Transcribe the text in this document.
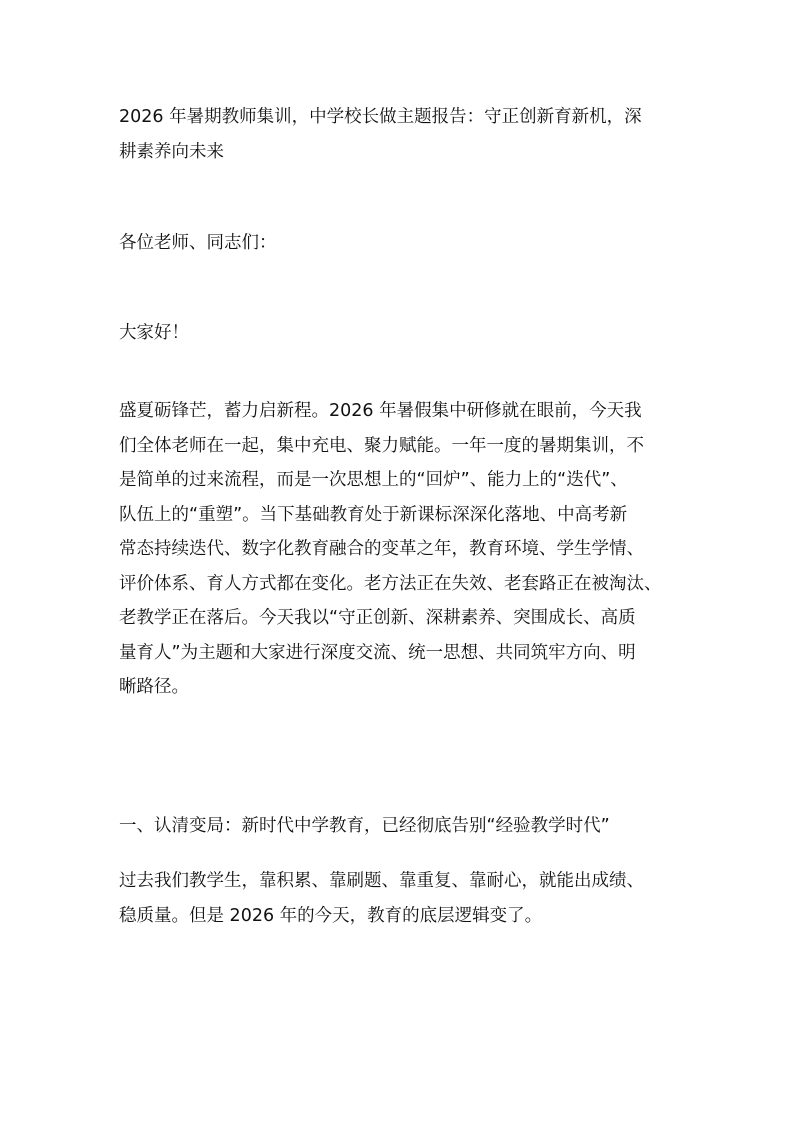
2026 年暑期教师集训，中学校长做主题报告：守正创新育新机，深
耕素养向未来

各位老师、同志们：

大家好！

盛夏砺锋芒，蓄力启新程。2026 年暑假集中研修就在眼前，今天我
们全体老师在一起，集中充电、聚力赋能。一年一度的暑期集训，不
是简单的过来流程，而是一次思想上的“回炉”、能力上的“迭代”、
队伍上的“重塑”。当下基础教育处于新课标深深化落地、中高考新
常态持续迭代、数字化教育融合的变革之年，教育环境、学生学情、
评价体系、育人方式都在变化。老方法正在失效、老套路正在被淘汰、
老教学正在落后。今天我以“守正创新、深耕素养、突围成长、高质
量育人”为主题和大家进行深度交流、统一思想、共同筑牢方向、明
晰路径。

一、认清变局：新时代中学教育，已经彻底告别“经验教学时代”

过去我们教学生，靠积累、靠刷题、靠重复、靠耐心，就能出成绩、
稳质量。但是 2026 年的今天，教育的底层逻辑变了。
